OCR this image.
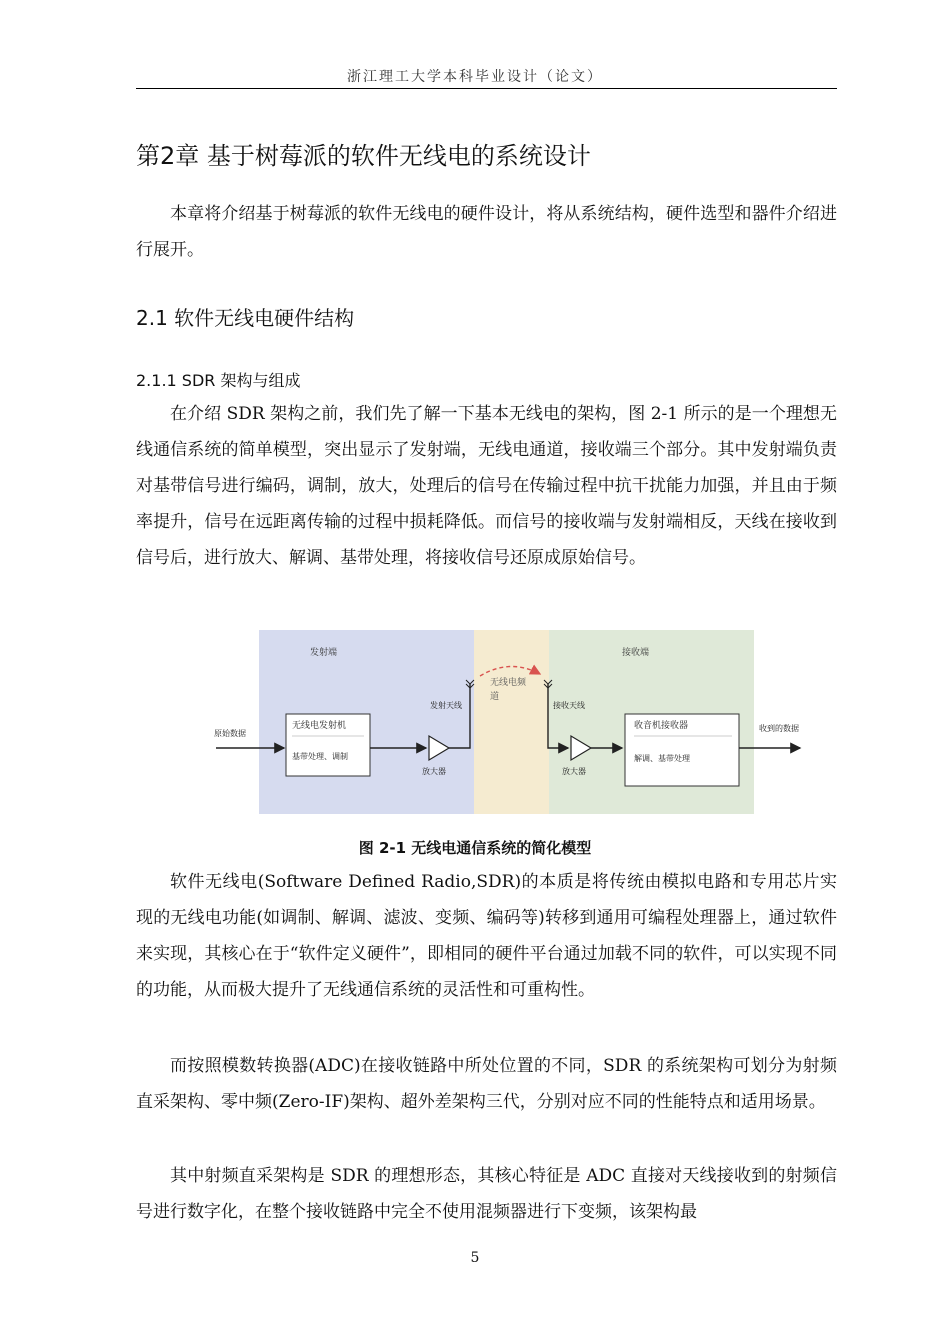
浙江理工大学本科毕业设计（论文）
第2章 基于树莓派的软件无线电的系统设计

本章将介绍基于树莓派的软件无线电的硬件设计，将从系统结构，硬件选型和器件介绍进行展开。

2.1 软件无线电硬件结构
2.1.1 SDR 架构与组成

在介绍 SDR 架构之前，我们先了解一下基本无线电的架构，图 2-1 所示的是一个理想无线通信系统的简单模型，突出显示了发射端，无线电通道，接收端三个部分。其中发射端负责对基带信号进行编码，调制，放大，处理后的信号在传输过程中抗干扰能力加强，并且由于频率提升，信号在远距离传输的过程中损耗降低。而信号的接收端与发射端相反，天线在接收到信号后，进行放大、解调、基带处理，将接收信号还原成原始信号。

发射端	接收端
无线电频
道
原始数据
无线电发射机
基带处理、调制
放大器
发射天线	接收天线
放大器
收音机接收器
解调、基带处理
收到的数据
图 2-1 无线电通信系统的简化模型

软件无线电(Software Defined Radio,SDR)的本质是将传统由模拟电路和专用芯片实现的无线电功能(如调制、解调、滤波、变频、编码等)转移到通用可编程处理器上，通过软件来实现，其核心在于“软件定义硬件”，即相同的硬件平台通过加载不同的软件，可以实现不同的功能，从而极大提升了无线通信系统的灵活性和可重构性。

而按照模数转换器(ADC)在接收链路中所处位置的不同，SDR 的系统架构可划分为射频直采架构、零中频(Zero-IF)架构、超外差架构三代，分别对应不同的性能特点和适用场景。

其中射频直采架构是 SDR 的理想形态，其核心特征是 ADC 直接对天线接收到的射频信号进行数字化，在整个接收链路中完全不使用混频器进行下变频，该架构最

5
